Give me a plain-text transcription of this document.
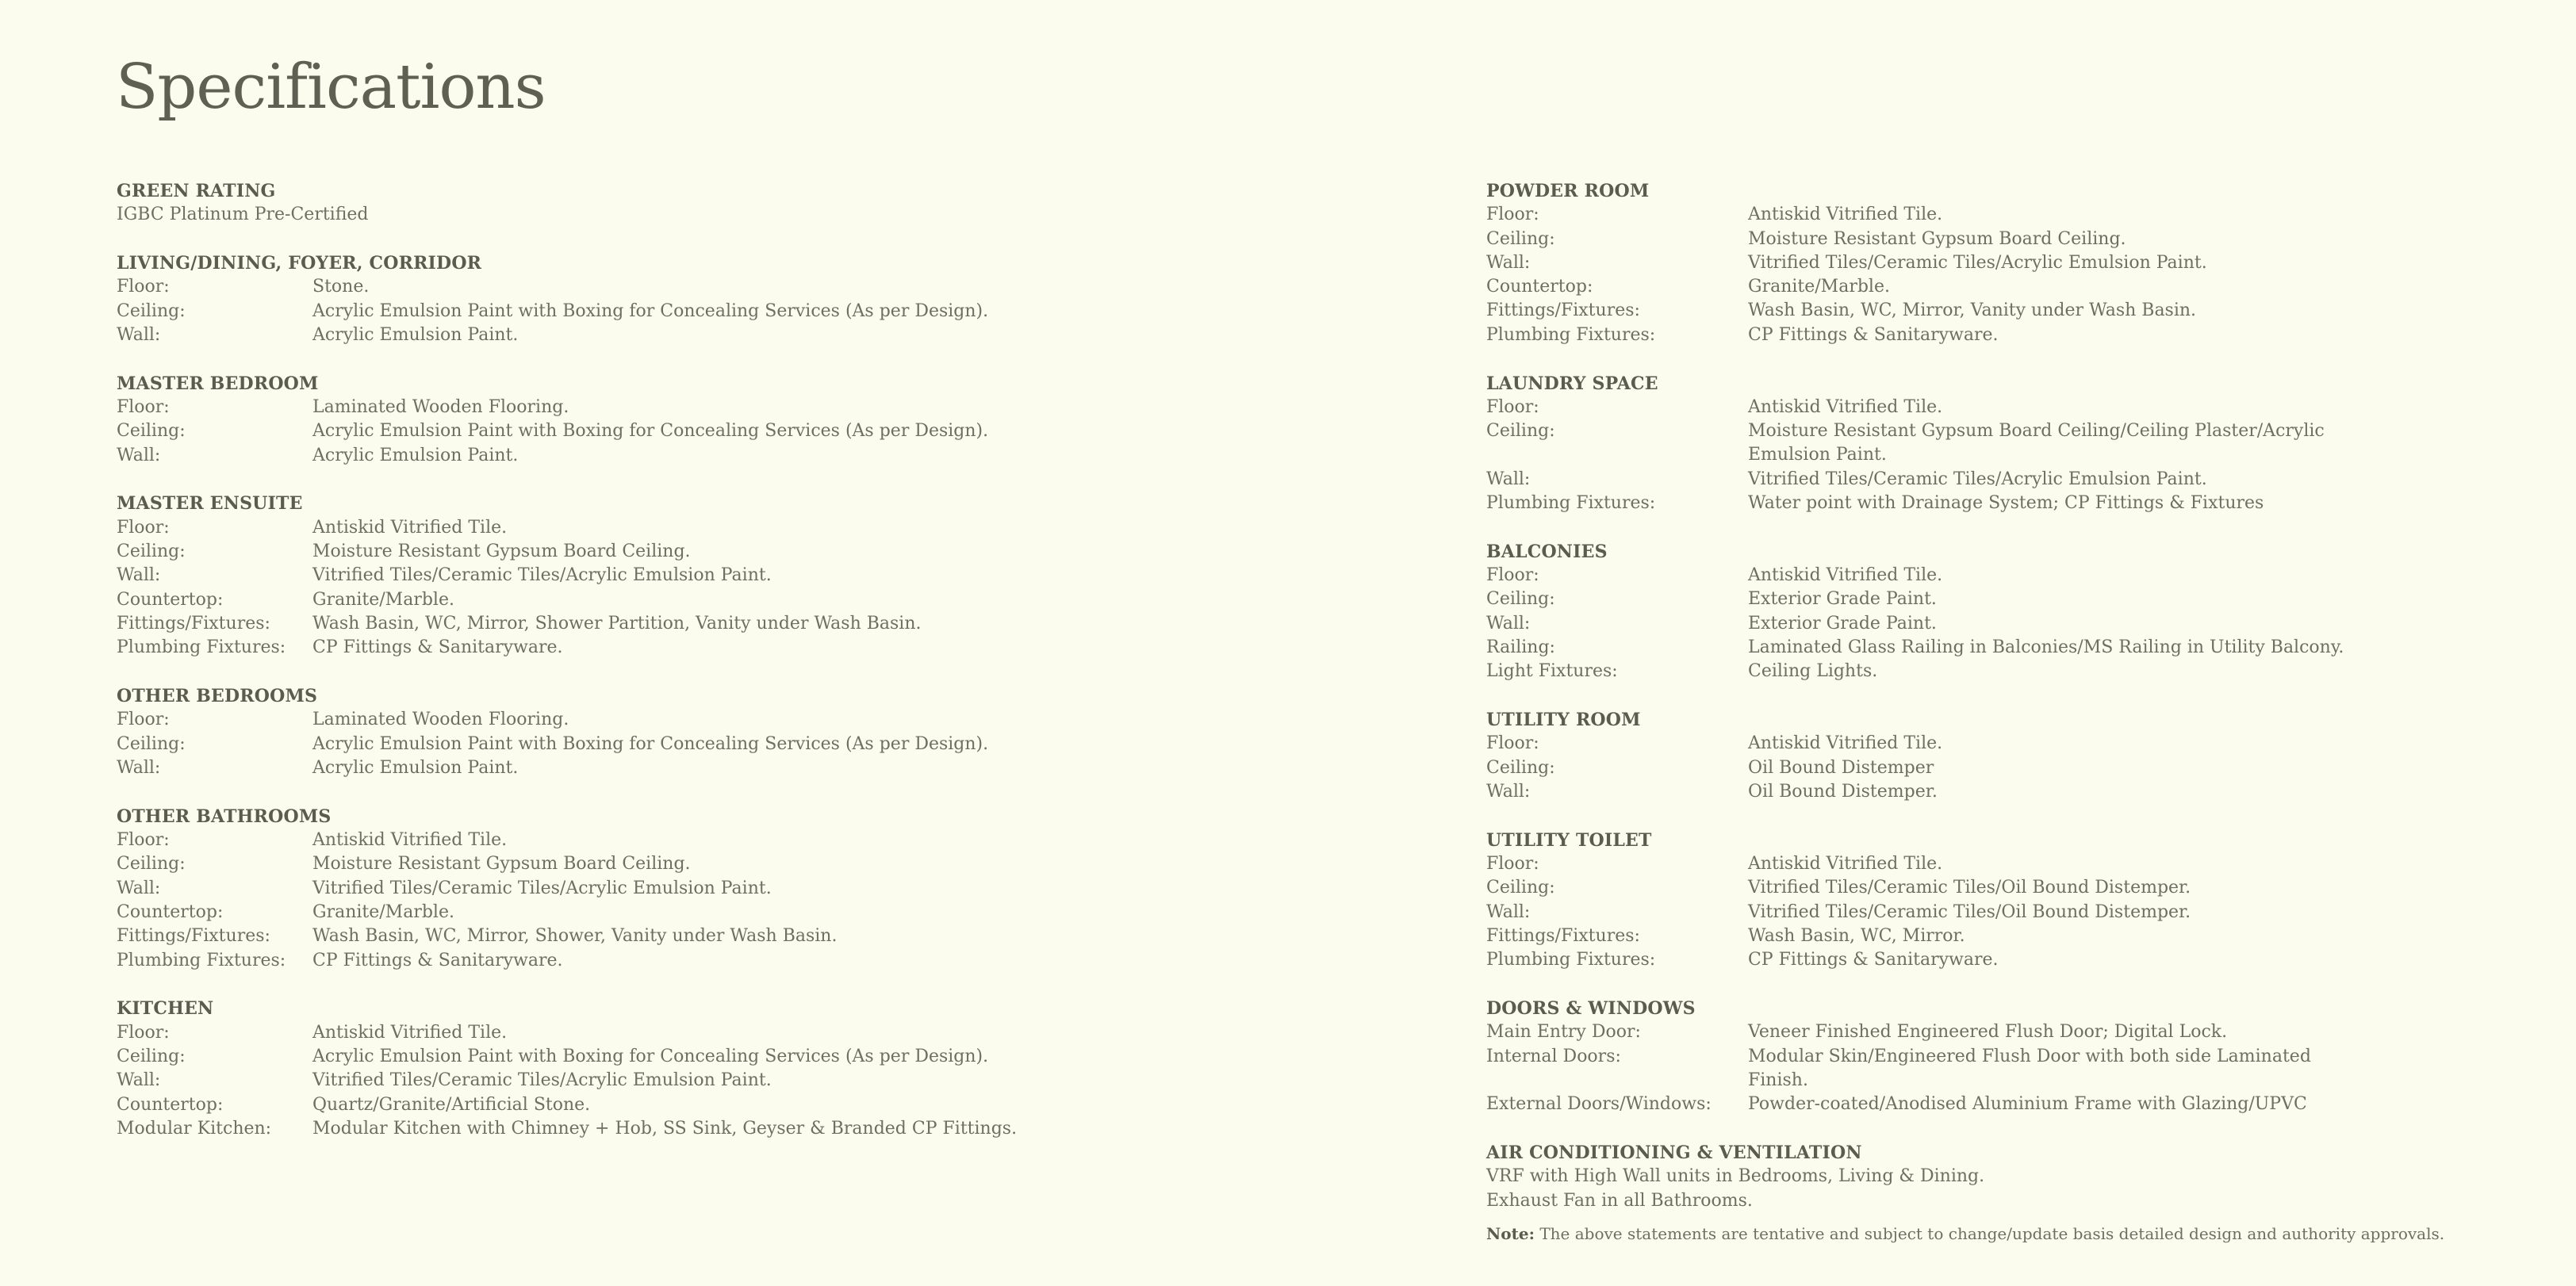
Specifications
GREEN RATING
IGBC Platinum Pre-Certified
LIVING/DINING, FOYER, CORRIDOR
Floor:	Stone.
Ceiling:	Acrylic Emulsion Paint with Boxing for Concealing Services (As per Design).
Wall:	Acrylic Emulsion Paint.
MASTER BEDROOM
Floor:	Laminated Wooden Flooring.
Ceiling:	Acrylic Emulsion Paint with Boxing for Concealing Services (As per Design).
Wall:	Acrylic Emulsion Paint.
MASTER ENSUITE
Floor:	Antiskid Vitrified Tile.
Ceiling:	Moisture Resistant Gypsum Board Ceiling.
Wall:	Vitrified Tiles/Ceramic Tiles/Acrylic Emulsion Paint.
Countertop:	Granite/Marble.
Fittings/Fixtures:	Wash Basin, WC, Mirror, Shower Partition, Vanity under Wash Basin.
Plumbing Fixtures:	CP Fittings & Sanitaryware.
OTHER BEDROOMS
Floor:	Laminated Wooden Flooring.
Ceiling:	Acrylic Emulsion Paint with Boxing for Concealing Services (As per Design).
Wall:	Acrylic Emulsion Paint.
OTHER BATHROOMS
Floor:	Antiskid Vitrified Tile.
Ceiling:	Moisture Resistant Gypsum Board Ceiling.
Wall:	Vitrified Tiles/Ceramic Tiles/Acrylic Emulsion Paint.
Countertop:	Granite/Marble.
Fittings/Fixtures:	Wash Basin, WC, Mirror, Shower, Vanity under Wash Basin.
Plumbing Fixtures:	CP Fittings & Sanitaryware.
KITCHEN
Floor:	Antiskid Vitrified Tile.
Ceiling:	Acrylic Emulsion Paint with Boxing for Concealing Services (As per Design).
Wall:	Vitrified Tiles/Ceramic Tiles/Acrylic Emulsion Paint.
Countertop:	Quartz/Granite/Artificial Stone.
Modular Kitchen:	Modular Kitchen with Chimney + Hob, SS Sink, Geyser & Branded CP Fittings.
POWDER ROOM
Floor:	Antiskid Vitrified Tile.
Ceiling:	Moisture Resistant Gypsum Board Ceiling.
Wall:	Vitrified Tiles/Ceramic Tiles/Acrylic Emulsion Paint.
Countertop:	Granite/Marble.
Fittings/Fixtures:	Wash Basin, WC, Mirror, Vanity under Wash Basin.
Plumbing Fixtures:	CP Fittings & Sanitaryware.
LAUNDRY SPACE
Floor:	Antiskid Vitrified Tile.
Ceiling:	Moisture Resistant Gypsum Board Ceiling/Ceiling Plaster/Acrylic Emulsion Paint.
Wall:	Vitrified Tiles/Ceramic Tiles/Acrylic Emulsion Paint.
Plumbing Fixtures:	Water point with Drainage System; CP Fittings & Fixtures
BALCONIES
Floor:	Antiskid Vitrified Tile.
Ceiling:	Exterior Grade Paint.
Wall:	Exterior Grade Paint.
Railing:	Laminated Glass Railing in Balconies/MS Railing in Utility Balcony.
Light Fixtures:	Ceiling Lights.
UTILITY ROOM
Floor:	Antiskid Vitrified Tile.
Ceiling:	Oil Bound Distemper
Wall:	Oil Bound Distemper.
UTILITY TOILET
Floor:	Antiskid Vitrified Tile.
Ceiling:	Vitrified Tiles/Ceramic Tiles/Oil Bound Distemper.
Wall:	Vitrified Tiles/Ceramic Tiles/Oil Bound Distemper.
Fittings/Fixtures:	Wash Basin, WC, Mirror.
Plumbing Fixtures:	CP Fittings & Sanitaryware.
DOORS & WINDOWS
Main Entry Door:	Veneer Finished Engineered Flush Door; Digital Lock.
Internal Doors:	Modular Skin/Engineered Flush Door with both side Laminated Finish.
External Doors/Windows:	Powder-coated/Anodised Aluminium Frame with Glazing/UPVC
AIR CONDITIONING & VENTILATION
VRF with High Wall units in Bedrooms, Living & Dining.
Exhaust Fan in all Bathrooms.
Note: The above statements are tentative and subject to change/update basis detailed design and authority approvals.
